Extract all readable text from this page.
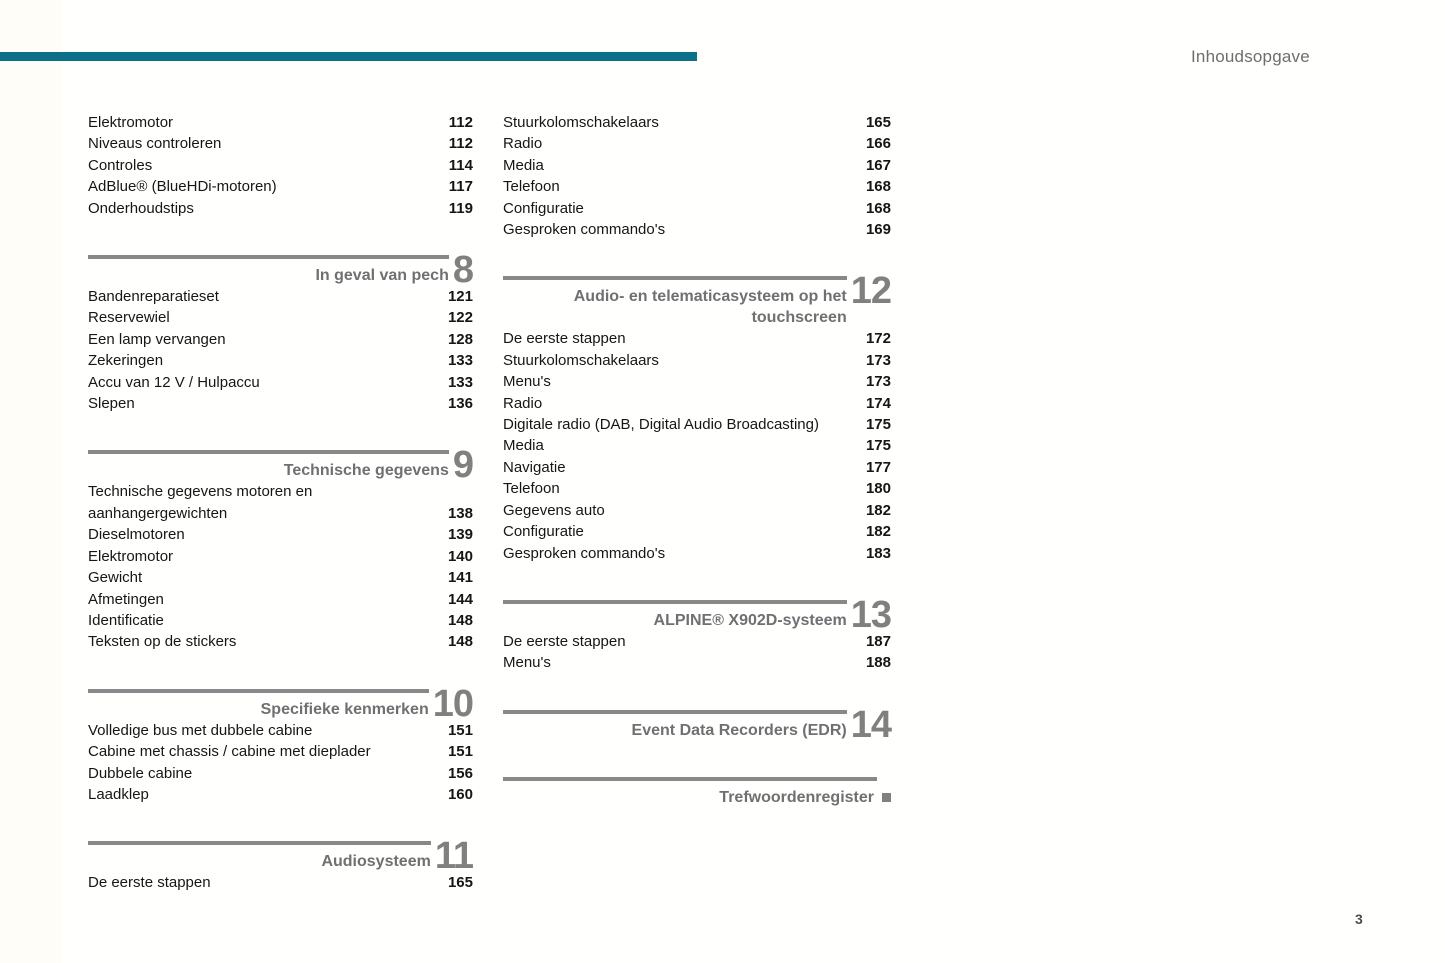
Inhoudsopgave
Elektromotor	112
Niveaus controleren	112
Controles	114
AdBlue® (BlueHDi-motoren)	117
Onderhoudstips	119
In geval van pech 8
Bandenreparatieset	121
Reservewiel	122
Een lamp vervangen	128
Zekeringen	133
Accu van 12 V / Hulpaccu	133
Slepen	136
Technische gegevens 9
Technische gegevens motoren en aanhangergewichten	138
Dieselmotoren	139
Elektromotor	140
Gewicht	141
Afmetingen	144
Identificatie	148
Teksten op de stickers	148
Specifieke kenmerken 10
Volledige bus met dubbele cabine	151
Cabine met chassis / cabine met dieplader	151
Dubbele cabine	156
Laadklep	160
Audiosysteem 11
De eerste stappen	165
Stuurkolomschakelaars	165
Radio	166
Media	167
Telefoon	168
Configuratie	168
Gesproken commando's	169
Audio- en telematicasysteem op het touchscreen
12
De eerste stappen	172
Stuurkolomschakelaars	173
Menu's	173
Radio	174
Digitale radio (DAB, Digital Audio Broadcasting)	175
Media	175
Navigatie	177
Telefoon	180
Gegevens auto	182
Configuratie	182
Gesproken commando's	183
ALPINE® X902D-systeem 13
De eerste stappen	187
Menu's	188
Event Data Recorders (EDR) 14
Trefwoordenregister
3
